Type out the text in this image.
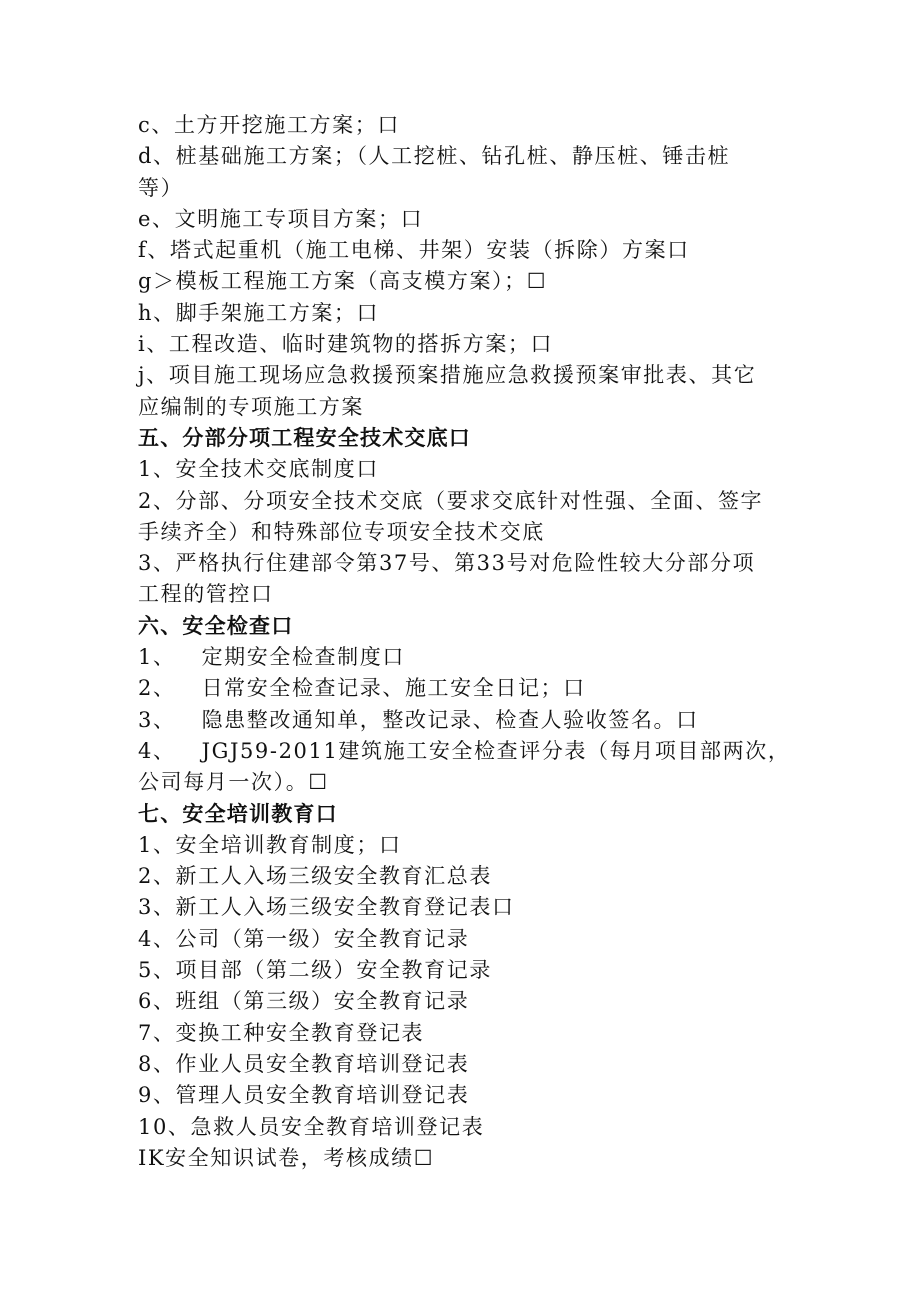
c、土方开挖施工方案；口
d、桩基础施工方案；（人工挖桩、钻孔桩、静压桩、锤击桩
等）
e、文明施工专项目方案；口
f、塔式起重机（施工电梯、井架）安装（拆除）方案口
g＞模板工程施工方案（高支模方案）；☐
h、脚手架施工方案；口
i、工程改造、临时建筑物的搭拆方案；口
j、项目施工现场应急救援预案措施应急救援预案审批表、其它
应编制的专项施工方案
五、分部分项工程安全技术交底口
1、安全技术交底制度口
2、分部、分项安全技术交底（要求交底针对性强、全面、签字
手续齐全）和特殊部位专项安全技术交底
3、严格执行住建部令第37号、第33号对危险性较大分部分项
工程的管控口
六、安全检查口
1、 定期安全检查制度口
2、 日常安全检查记录、施工安全日记；口
3、 隐患整改通知单，整改记录、检查人验收签名。口
4、 JGJ59-2011建筑施工安全检查评分表（每月项目部两次，
公司每月一次）。☐
七、安全培训教育口
1、安全培训教育制度；口
2、新工人入场三级安全教育汇总表
3、新工人入场三级安全教育登记表口
4、公司（第一级）安全教育记录
5、项目部（第二级）安全教育记录
6、班组（第三级）安全教育记录
7、变换工种安全教育登记表
8、作业人员安全教育培训登记表
9、管理人员安全教育培训登记表
10、急救人员安全教育培训登记表
IK安全知识试卷，考核成绩☐
